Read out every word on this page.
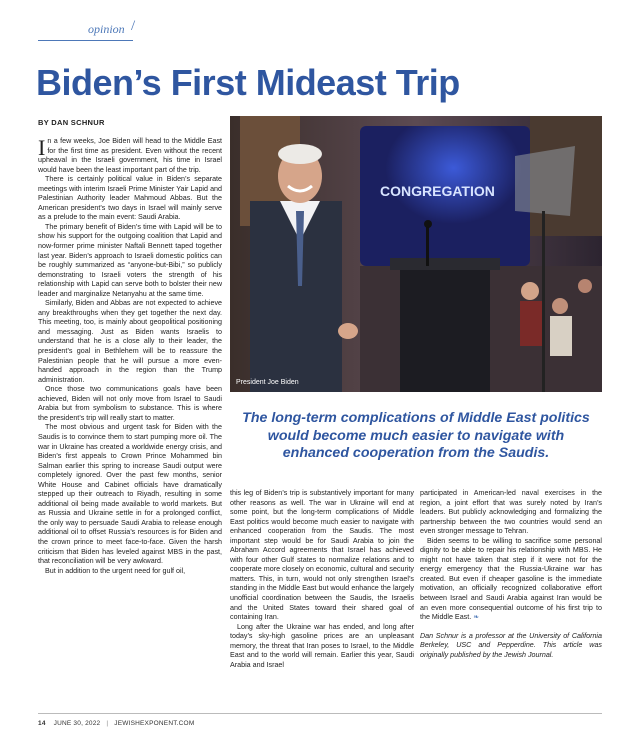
opinion /
Biden’s First Mideast Trip
BY DAN SCHNUR

In a few weeks, Joe Biden will head to the Middle East for the first time as president. Even without the recent upheaval in the Israeli government, his time in Israel would have been the least important part of the trip.

There is certainly political value in Biden’s separate meetings with interim Israeli Prime Minister Yair Lapid and Palestinian Authority leader Mahmoud Abbas. But the American president’s two days in Israel will mainly serve as a prelude to the main event: Saudi Arabia.

The primary benefit of Biden’s time with Lapid will be to show his support for the outgoing coalition that Lapid and now-former prime minister Naftali Bennett taped together last year. Biden’s approach to Israeli domestic politics can be roughly summarized as “anyone-but-Bibi,” so publicly demonstrating to Israeli voters the strength of his relationship with Lapid can serve both to bolster their new leader and marginalize Netanyahu at the same time.

Similarly, Biden and Abbas are not expected to achieve any breakthroughs when they get together the next day. This meeting, too, is mainly about geopolitical positioning and messaging. Just as Biden wants Israelis to understand that he is a close ally to their leader, the president’s goal in Bethlehem will be to reassure the Palestinian people that he will pursue a more even-handed approach in the region than the Trump administration.

Once those two communications goals have been achieved, Biden will not only move from Israel to Saudi Arabia but from symbolism to substance. This is where the president’s trip will really start to matter.

The most obvious and urgent task for Biden with the Saudis is to convince them to start pumping more oil. The war in Ukraine has created a worldwide energy crisis, and Biden’s first appeals to Crown Prince Mohammed bin Salman earlier this spring to increase Saudi output were completely ignored. Over the past few months, senior White House and Cabinet officials have dramatically stepped up their outreach to Riyadh, resulting in some additional oil being made available to world markets. But as Russia and Ukraine settle in for a prolonged conflict, the only way to persuade Saudi Arabia to release enough additional oil to offset Russia’s resources is for Biden and the crown prince to meet face-to-face. Given the harsh criticism that Biden has leveled against MBS in the past, that reconciliation will be very awkward.

But in addition to the urgent need for gulf oil,

CONGREGATION
President Joe Biden
The long-term complications of Middle East politics would become much easier to navigate with enhanced cooperation from the Saudis.

this leg of Biden’s trip is substantively important for many other reasons as well. The war in Ukraine will end at some point, but the long-term complications of Middle East politics would become much easier to navigate with enhanced cooperation from the Saudis. The most important step would be for Saudi Arabia to join the Abraham Accord agreements that Israel has achieved with four other Gulf states to normalize relations and to cooperate more closely on economic, cultural and security matters. This, in turn, would not only strengthen Israel’s standing in the Middle East but would enhance the largely unofficial coordination between the Saudis, the Israelis and the United States toward their shared goal of containing Iran.

Long after the Ukraine war has ended, and long after today’s sky-high gasoline prices are an unpleasant memory, the threat that Iran poses to Israel, to the Middle East and to the world will remain. Earlier this year, Saudi Arabia and Israel

participated in American-led naval exercises in the region, a joint effort that was surely noted by Iran’s leaders. But publicly acknowledging and formalizing the partnership between the two countries would send an even stronger message to Tehran.

Biden seems to be willing to sacrifice some personal dignity to be able to repair his relationship with MBS. He might not have taken that step if it were not for the energy emergency that the Russia-Ukraine war has created. But even if cheaper gasoline is the immediate motivation, an officially recognized collaborative effort between Israel and Saudi Arabia against Iran would be an even more consequential outcome of his first trip to the Middle East. ❧

Dan Schnur is a professor at the University of California Berkeley, USC and Pepperdine. This article was originally published by the Jewish Journal.

14 JUNE 30, 2022 | JEWISHEXPONENT.COM
